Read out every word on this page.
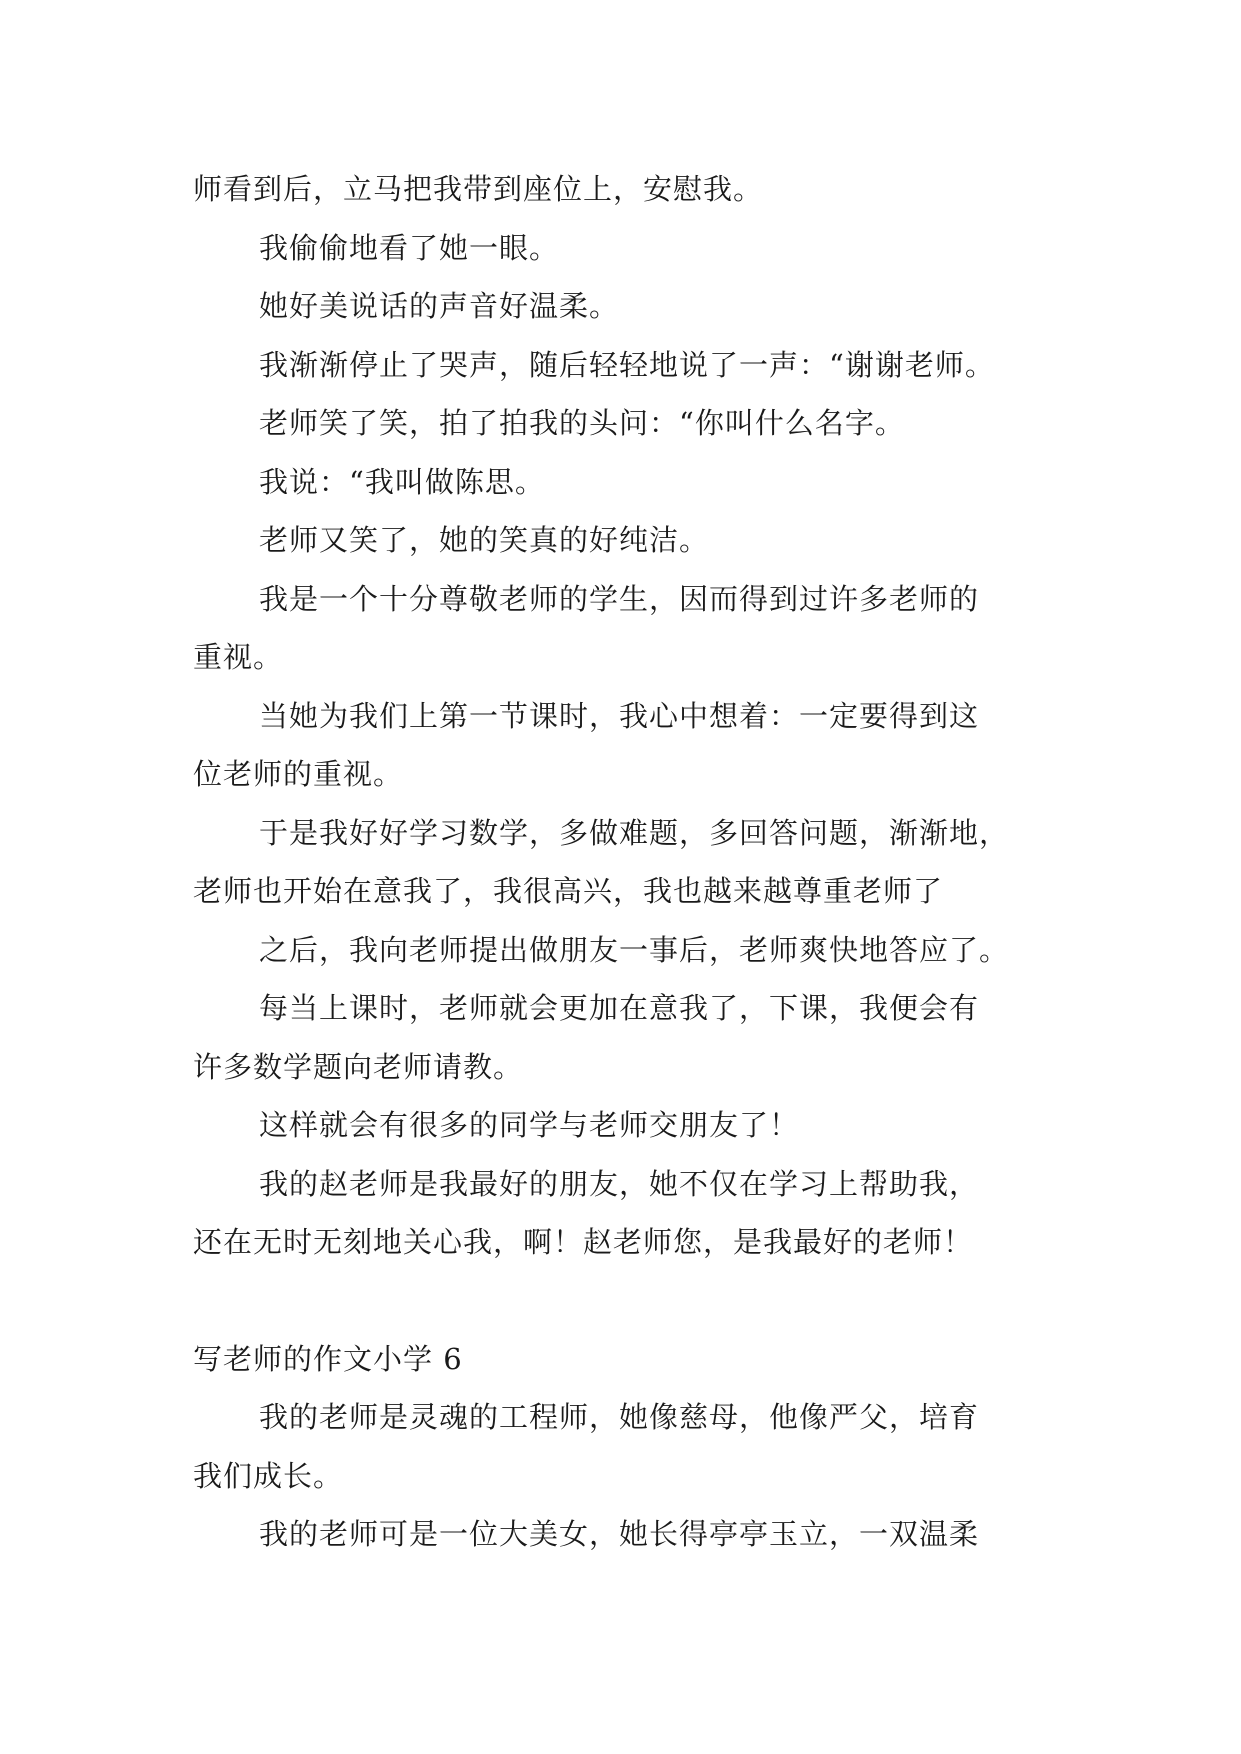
师看到后，立马把我带到座位上，安慰我。

我偷偷地看了她一眼。

她好美说话的声音好温柔。

我渐渐停止了哭声，随后轻轻地说了一声：“谢谢老师。

老师笑了笑，拍了拍我的头问：“你叫什么名字。

我说：“我叫做陈思。

老师又笑了，她的笑真的好纯洁。

我是一个十分尊敬老师的学生，因而得到过许多老师的

重视。

当她为我们上第一节课时，我心中想着：一定要得到这

位老师的重视。

于是我好好学习数学，多做难题，多回答问题，渐渐地，

老师也开始在意我了，我很高兴，我也越来越尊重老师了

之后，我向老师提出做朋友一事后，老师爽快地答应了。

每当上课时，老师就会更加在意我了，下课，我便会有

许多数学题向老师请教。

这样就会有很多的同学与老师交朋友了！

我的赵老师是我最好的朋友，她不仅在学习上帮助我，

还在无时无刻地关心我，啊！赵老师您，是我最好的老师！

写老师的作文小学 6

我的老师是灵魂的工程师，她像慈母，他像严父，培育

我们成长。

我的老师可是一位大美女，她长得亭亭玉立，一双温柔
